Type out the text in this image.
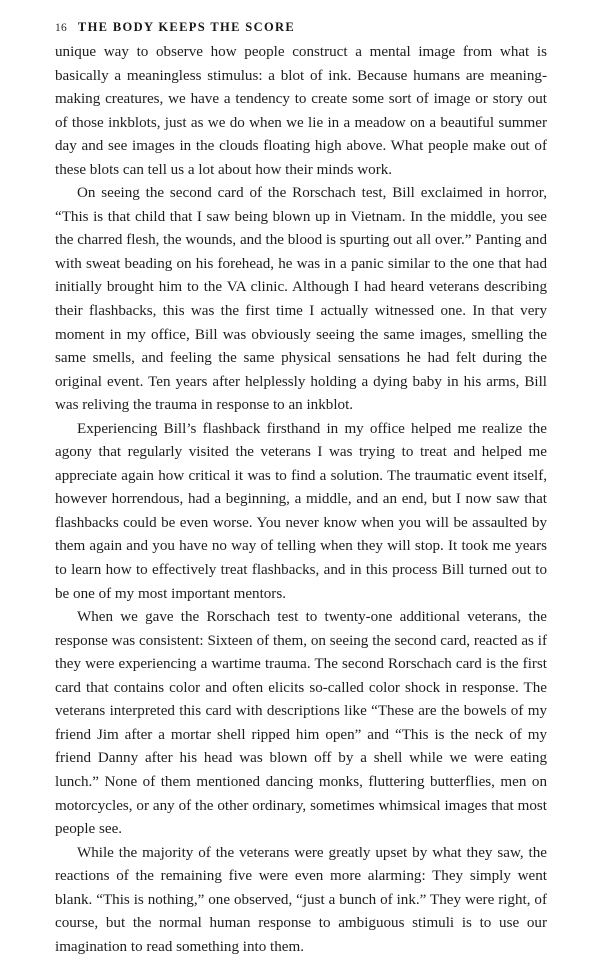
16 THE BODY KEEPS THE SCORE

unique way to observe how people construct a mental image from what is basically a meaningless stimulus: a blot of ink. Because humans are meaning-making creatures, we have a tendency to create some sort of image or story out of those inkblots, just as we do when we lie in a meadow on a beautiful summer day and see images in the clouds floating high above. What people make out of these blots can tell us a lot about how their minds work.

On seeing the second card of the Rorschach test, Bill exclaimed in horror, “This is that child that I saw being blown up in Vietnam. In the middle, you see the charred flesh, the wounds, and the blood is spurting out all over.” Panting and with sweat beading on his forehead, he was in a panic similar to the one that had initially brought him to the VA clinic. Although I had heard veterans describing their flashbacks, this was the first time I actually witnessed one. In that very moment in my office, Bill was obviously seeing the same images, smelling the same smells, and feeling the same physical sensations he had felt during the original event. Ten years after helplessly holding a dying baby in his arms, Bill was reliving the trauma in response to an inkblot.

Experiencing Bill’s flashback firsthand in my office helped me realize the agony that regularly visited the veterans I was trying to treat and helped me appreciate again how critical it was to find a solution. The traumatic event itself, however horrendous, had a beginning, a middle, and an end, but I now saw that flashbacks could be even worse. You never know when you will be assaulted by them again and you have no way of telling when they will stop. It took me years to learn how to effectively treat flashbacks, and in this process Bill turned out to be one of my most important mentors.

When we gave the Rorschach test to twenty-one additional veterans, the response was consistent: Sixteen of them, on seeing the second card, reacted as if they were experiencing a wartime trauma. The second Rorschach card is the first card that contains color and often elicits so-called color shock in response. The veterans interpreted this card with descriptions like “These are the bowels of my friend Jim after a mortar shell ripped him open” and “This is the neck of my friend Danny after his head was blown off by a shell while we were eating lunch.” None of them mentioned dancing monks, fluttering butterflies, men on motorcycles, or any of the other ordinary, sometimes whimsical images that most people see.

While the majority of the veterans were greatly upset by what they saw, the reactions of the remaining five were even more alarming: They simply went blank. “This is nothing,” one observed, “just a bunch of ink.” They were right, of course, but the normal human response to ambiguous stimuli is to use our imagination to read something into them.
